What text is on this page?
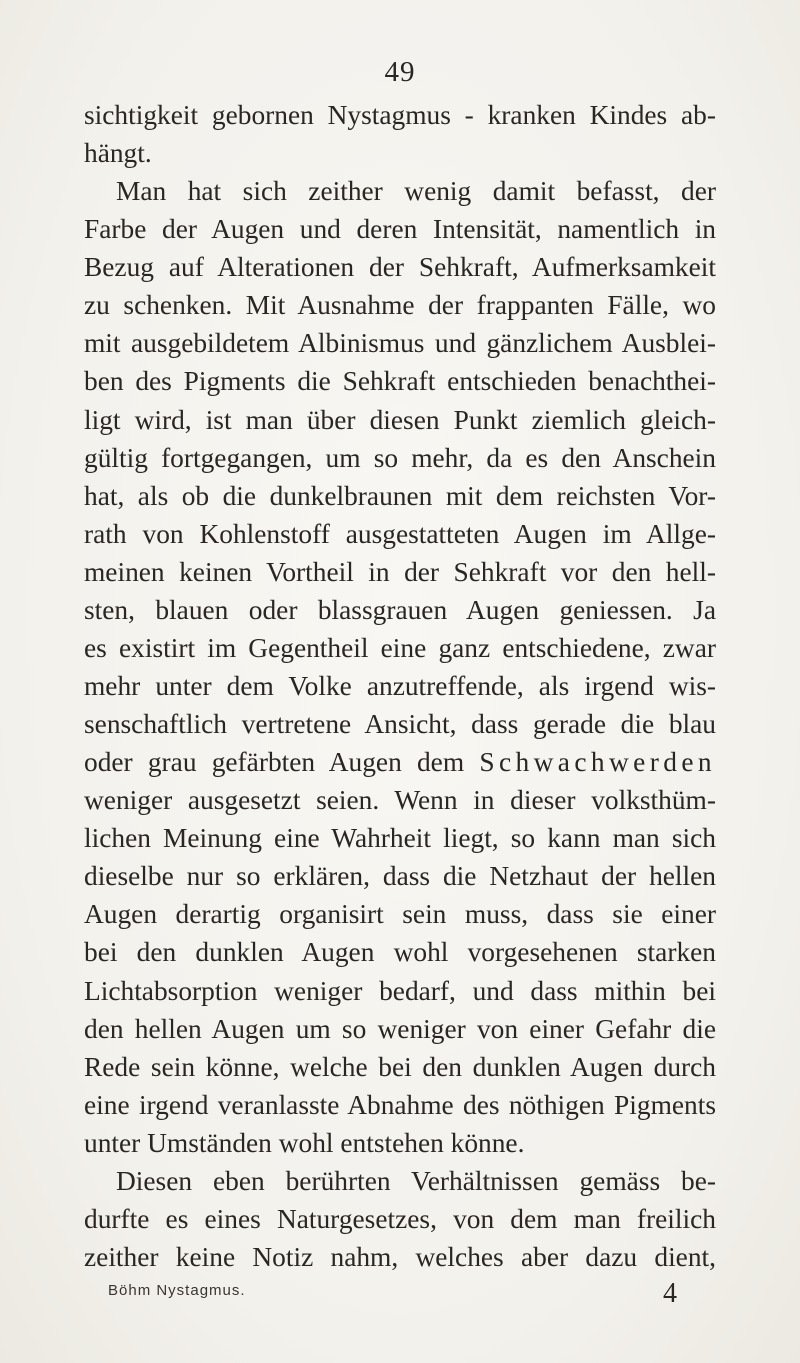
49
sichtigkeit gebornen Nystagmus - kranken Kindes ab-
hängt.
Man hat sich zeither wenig damit befasst, der
Farbe der Augen und deren Intensität, namentlich in
Bezug auf Alterationen der Sehkraft, Aufmerksamkeit
zu schenken. Mit Ausnahme der frappanten Fälle, wo
mit ausgebildetem Albinismus und gänzlichem Ausblei-
ben des Pigments die Sehkraft entschieden benachthei-
ligt wird, ist man über diesen Punkt ziemlich gleich-
gültig fortgegangen, um so mehr, da es den Anschein
hat, als ob die dunkelbraunen mit dem reichsten Vor-
rath von Kohlenstoff ausgestatteten Augen im Allge-
meinen keinen Vortheil in der Sehkraft vor den hell-
sten, blauen oder blassgrauen Augen geniessen. Ja
es existirt im Gegentheil eine ganz entschiedene, zwar
mehr unter dem Volke anzutreffende, als irgend wis-
senschaftlich vertretene Ansicht, dass gerade die blau
oder grau gefärbten Augen dem Schwachwerden
weniger ausgesetzt seien. Wenn in dieser volksthüm-
lichen Meinung eine Wahrheit liegt, so kann man sich
dieselbe nur so erklären, dass die Netzhaut der hellen
Augen derartig organisirt sein muss, dass sie einer
bei den dunklen Augen wohl vorgesehenen starken
Lichtabsorption weniger bedarf, und dass mithin bei
den hellen Augen um so weniger von einer Gefahr die
Rede sein könne, welche bei den dunklen Augen durch
eine irgend veranlasste Abnahme des nöthigen Pigments
unter Umständen wohl entstehen könne.
Diesen eben berührten Verhältnissen gemäss be-
durfte es eines Naturgesetzes, von dem man freilich
zeither keine Notiz nahm, welches aber dazu dient,
Böhm Nystagmus.	4
